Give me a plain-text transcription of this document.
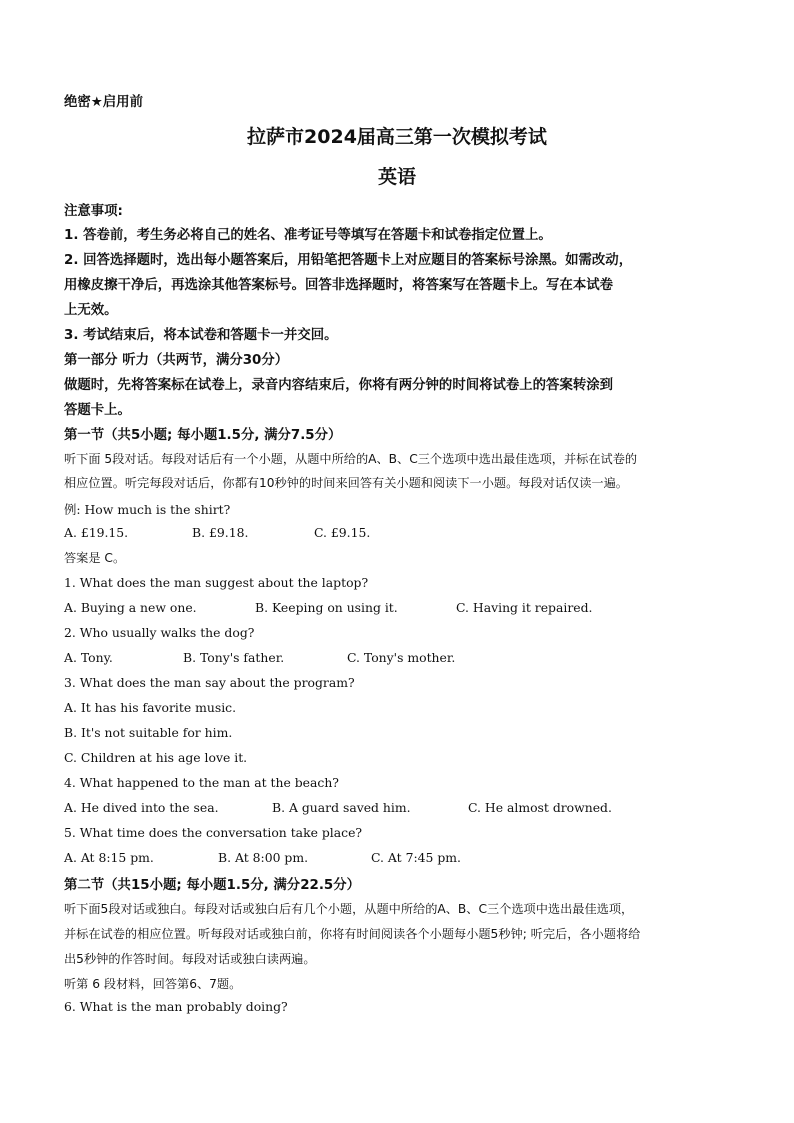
绝密★启用前
拉萨市2024届高三第一次模拟考试
英语
注意事项:
1. 答卷前，考生务必将自己的姓名、准考证号等填写在答题卡和试卷指定位置上。
2. 回答选择题时，选出每小题答案后，用铅笔把答题卡上对应题目的答案标号涂黑。如需改动，
用橡皮擦干净后，再选涂其他答案标号。回答非选择题时，将答案写在答题卡上。写在本试卷
上无效。
3. 考试结束后，将本试卷和答题卡一并交回。
第一部分 听力（共两节，满分30分）
做题时，先将答案标在试卷上，录音内容结束后，你将有两分钟的时间将试卷上的答案转涂到
答题卡上。
第一节（共5小题; 每小题1.5分, 满分7.5分）
听下面 5段对话。每段对话后有一个小题，从题中所给的A、B、C三个选项中选出最佳选项，并标在试卷的
相应位置。听完每段对话后，你都有10秒钟的时间来回答有关小题和阅读下一小题。每段对话仅读一遍。
例: How much is the shirt?
A. £19.15.	B. £9.18.	C. £9.15.
答案是 C。
1. What does the man suggest about the laptop?
A. Buying a new one.	B. Keeping on using it.	C. Having it repaired.
2. Who usually walks the dog?
A. Tony.	B. Tony's father.	C. Tony's mother.
3. What does the man say about the program?
A. It has his favorite music.
B. It's not suitable for him.
C. Children at his age love it.
4. What happened to the man at the beach?
A. He dived into the sea.	B. A guard saved him.	C. He almost drowned.
5. What time does the conversation take place?
A. At 8:15 pm.	B. At 8:00 pm.	C. At 7:45 pm.
第二节（共15小题; 每小题1.5分, 满分22.5分）
听下面5段对话或独白。每段对话或独白后有几个小题，从题中所给的A、B、C三个选项中选出最佳选项，
并标在试卷的相应位置。听每段对话或独白前，你将有时间阅读各个小题每小题5秒钟; 听完后，各小题将给
出5秒钟的作答时间。每段对话或独白读两遍。
听第 6 段材料，回答第6、7题。
6. What is the man probably doing?
